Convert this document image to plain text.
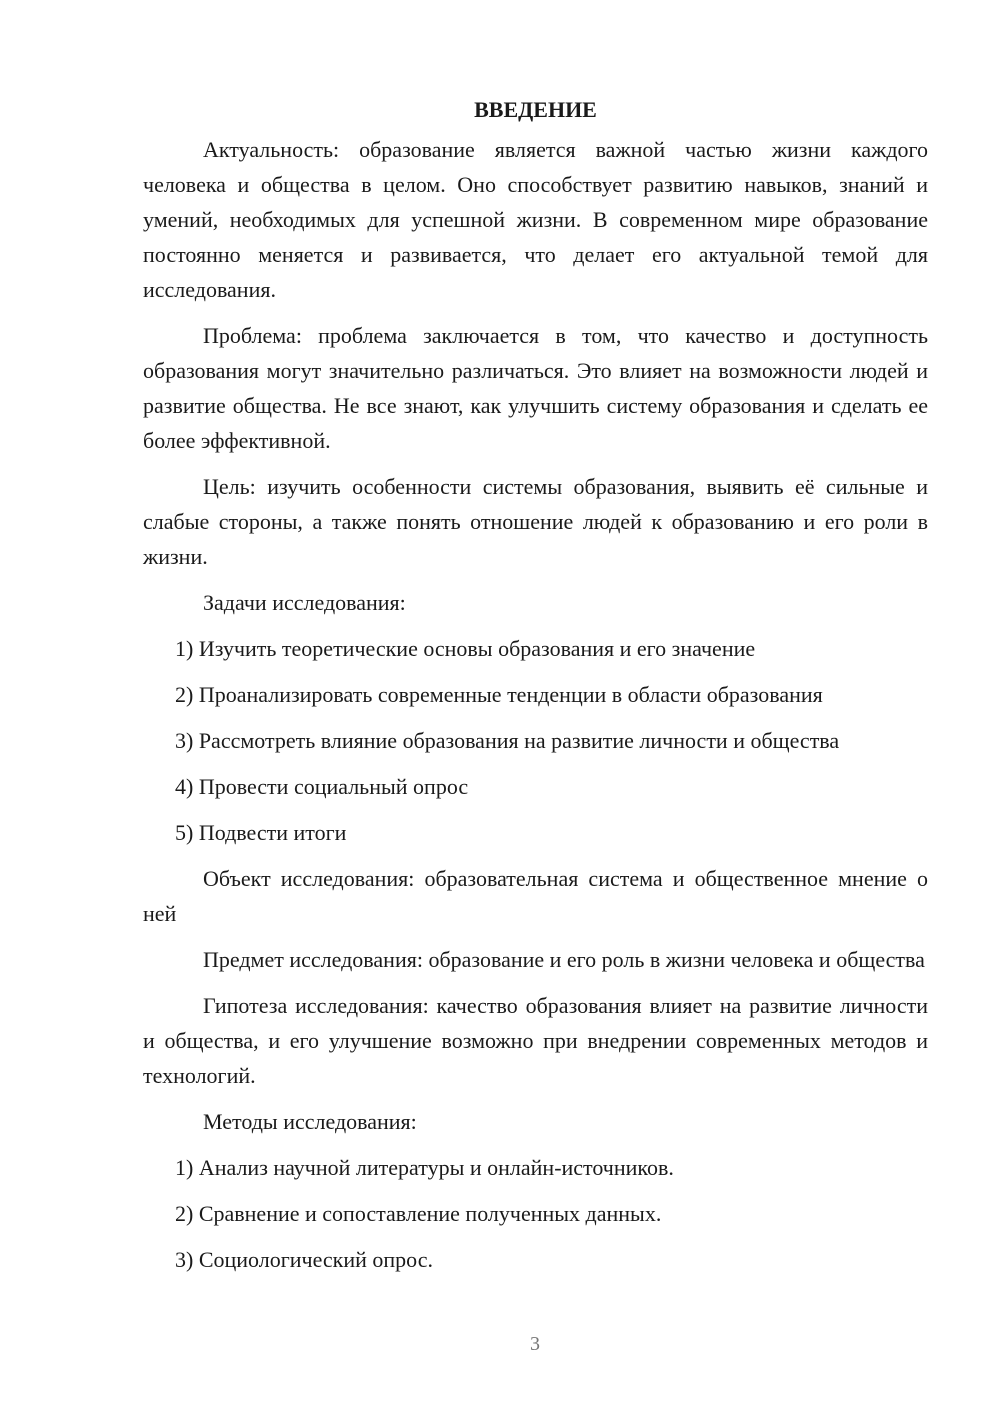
ВВЕДЕНИЕ

Актуальность: образование является важной частью жизни каждого человека и общества в целом. Оно способствует развитию навыков, знаний и умений, необходимых для успешной жизни. В современном мире образование постоянно меняется и развивается, что делает его актуальной темой для исследования.

Проблема: проблема заключается в том, что качество и доступность образования могут значительно различаться. Это влияет на возможности людей и развитие общества. Не все знают, как улучшить систему образования и сделать ее более эффективной.

Цель: изучить особенности системы образования, выявить её сильные и слабые стороны, а также понять отношение людей к образованию и его роли в жизни.

Задачи исследования:

1) Изучить теоретические основы образования и его значение
2) Проанализировать современные тенденции в области образования
3) Рассмотреть влияние образования на развитие личности и общества
4) Провести социальный опрос
5) Подвести итоги

Объект исследования: образовательная система и общественное мнение о ней

Предмет исследования: образование и его роль в жизни человека и общества

Гипотеза исследования: качество образования влияет на развитие личности и общества, и его улучшение возможно при внедрении современных методов и технологий.

Методы исследования:

1) Анализ научной литературы и онлайн-источников.
2) Сравнение и сопоставление полученных данных.
3) Социологический опрос.
3
